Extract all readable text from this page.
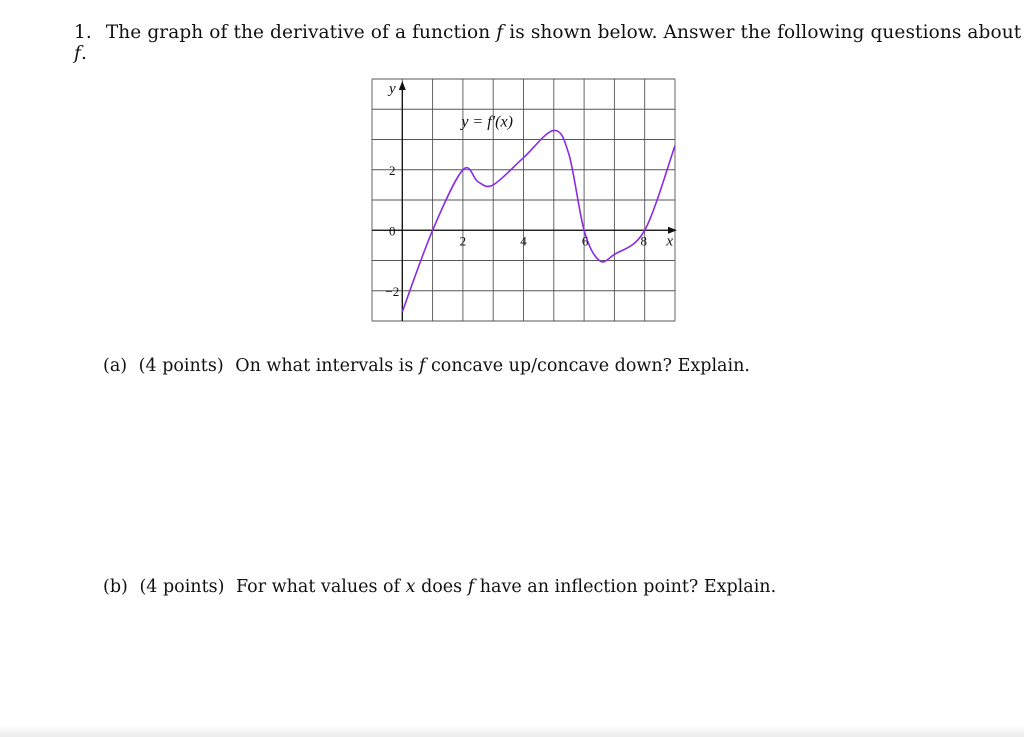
1. The graph of the derivative of a function f is shown below. Answer the following questions about f.
y
2
0
−2
2	4	6	8 x
y = f′(x)
(a) (4 points) On what intervals is f concave up/concave down? Explain.
(b) (4 points) For what values of x does f have an inflection point? Explain.
